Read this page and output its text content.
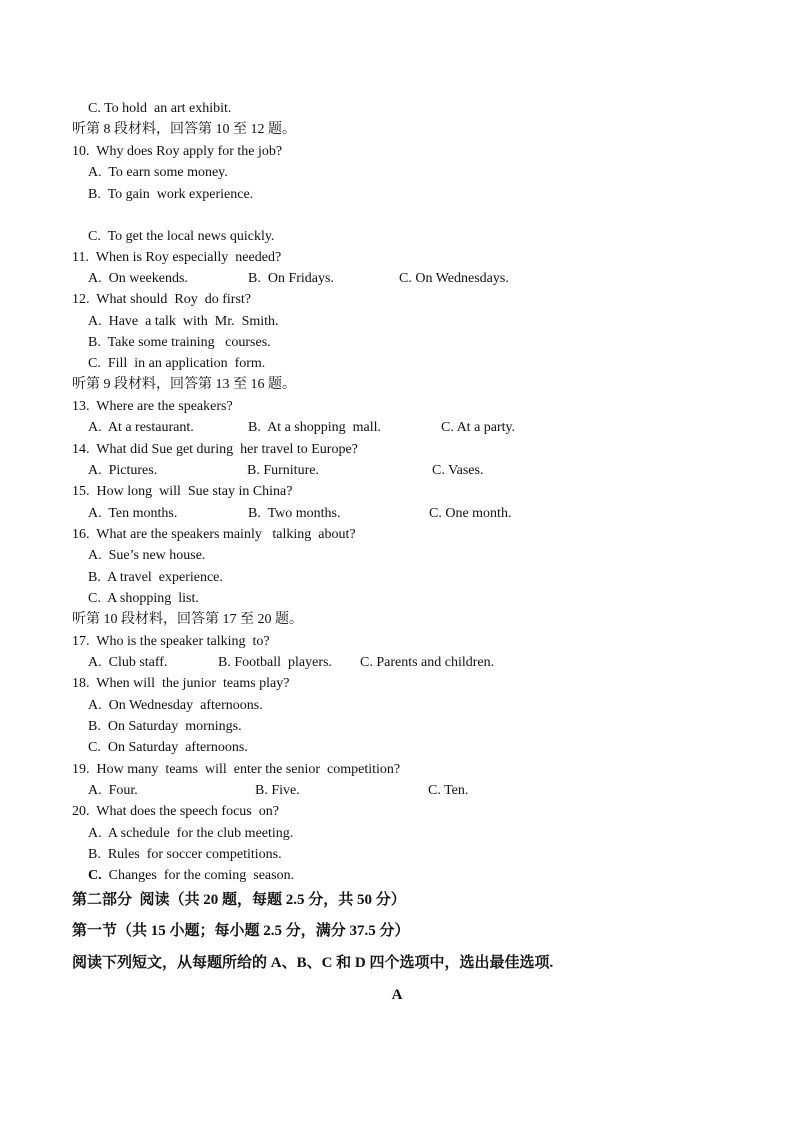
C. To hold  an art exhibit.
听第 8 段材料，回答第 10 至 12 题。
10.  Why does Roy apply for the job?
A.  To earn some money.
B.  To gain  work experience.
C.  To get the local news quickly.
11.  When is Roy especially  needed?
A.  On weekends.	B.  On Fridays.	C. On Wednesdays.
12.  What should  Roy  do first?
A.  Have  a talk  with  Mr.  Smith.
B.  Take some training   courses.
C.  Fill  in an application  form.
听第 9 段材料，回答第 13 至 16 题。
13.  Where are the speakers?
A.  At a restaurant.	B.  At a shopping  mall.	C. At a party.
14.  What did Sue get during  her travel to Europe?
A.  Pictures.	B. Furniture.	C. Vases.
15.  How long  will  Sue stay in China?
A.  Ten months.	B.  Two months.	C. One month.
16.  What are the speakers mainly   talking  about?
A.  Sue’s new house.
B.  A travel  experience.
C.  A shopping  list.
听第 10 段材料，回答第 17 至 20 题。
17.  Who is the speaker talking  to?
A.  Club staff.	B. Football  players. C. Parents and children.
18.  When will  the junior  teams play?
A.  On Wednesday  afternoons.
B.  On Saturday  mornings.
C.  On Saturday  afternoons.
19.  How many  teams  will  enter the senior  competition?
A.  Four.	B. Five.	C. Ten.
20.  What does the speech focus  on?
A.  A schedule  for the club meeting.
B.  Rules  for soccer competitions.
C.  Changes  for the coming  season.
第二部分  阅读（共 20 题，每题 2.5 分，共 50 分）
第一节（共 15 小题；每小题 2.5 分，满分 37.5 分）
阅读下列短文，从每题所给的 A、B、C 和 D 四个选项中，选出最佳选项.
A
